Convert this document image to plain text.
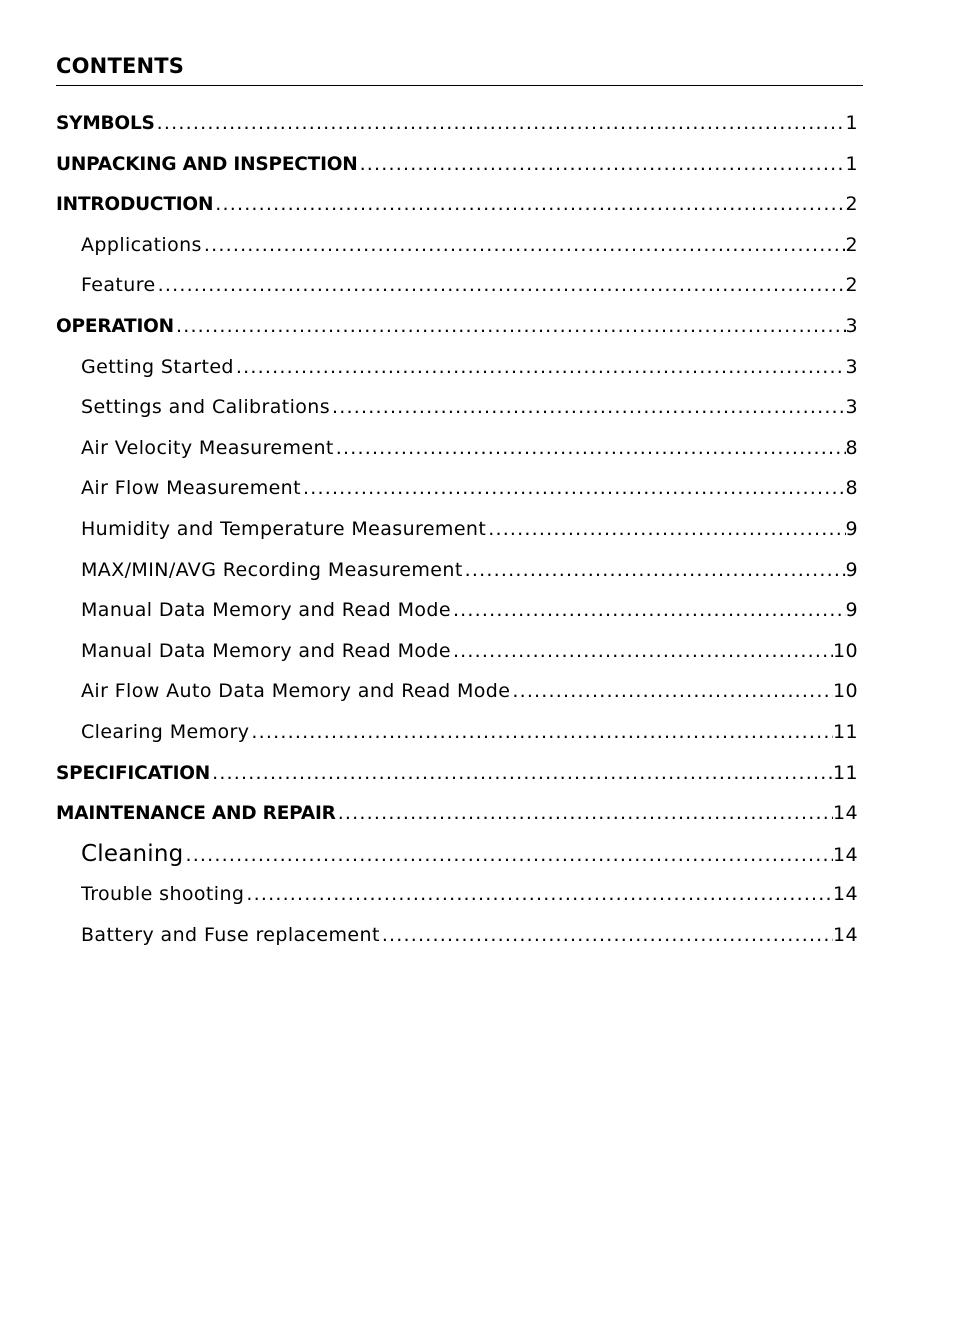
CONTENTS
SYMBOLS .....	1
UNPACKING AND INSPECTION .....	1
INTRODUCTION .....	2
Applications .....	2
Feature .....	2
OPERATION .....	3
Getting Started .....	3
Settings and Calibrations .....	3
Air Velocity Measurement .....	8
Air Flow Measurement .....	8
Humidity and Temperature Measurement .....	9
MAX/MIN/AVG Recording Measurement .....	9
Manual Data Memory and Read Mode .....	9
Manual Data Memory and Read Mode .....	10
Air Flow Auto Data Memory and Read Mode .....	10
Clearing Memory .....	11
SPECIFICATION .....	11
MAINTENANCE AND REPAIR .....	14
Cleaning .....	14
Trouble shooting .....	14
Battery and Fuse replacement .....	14
